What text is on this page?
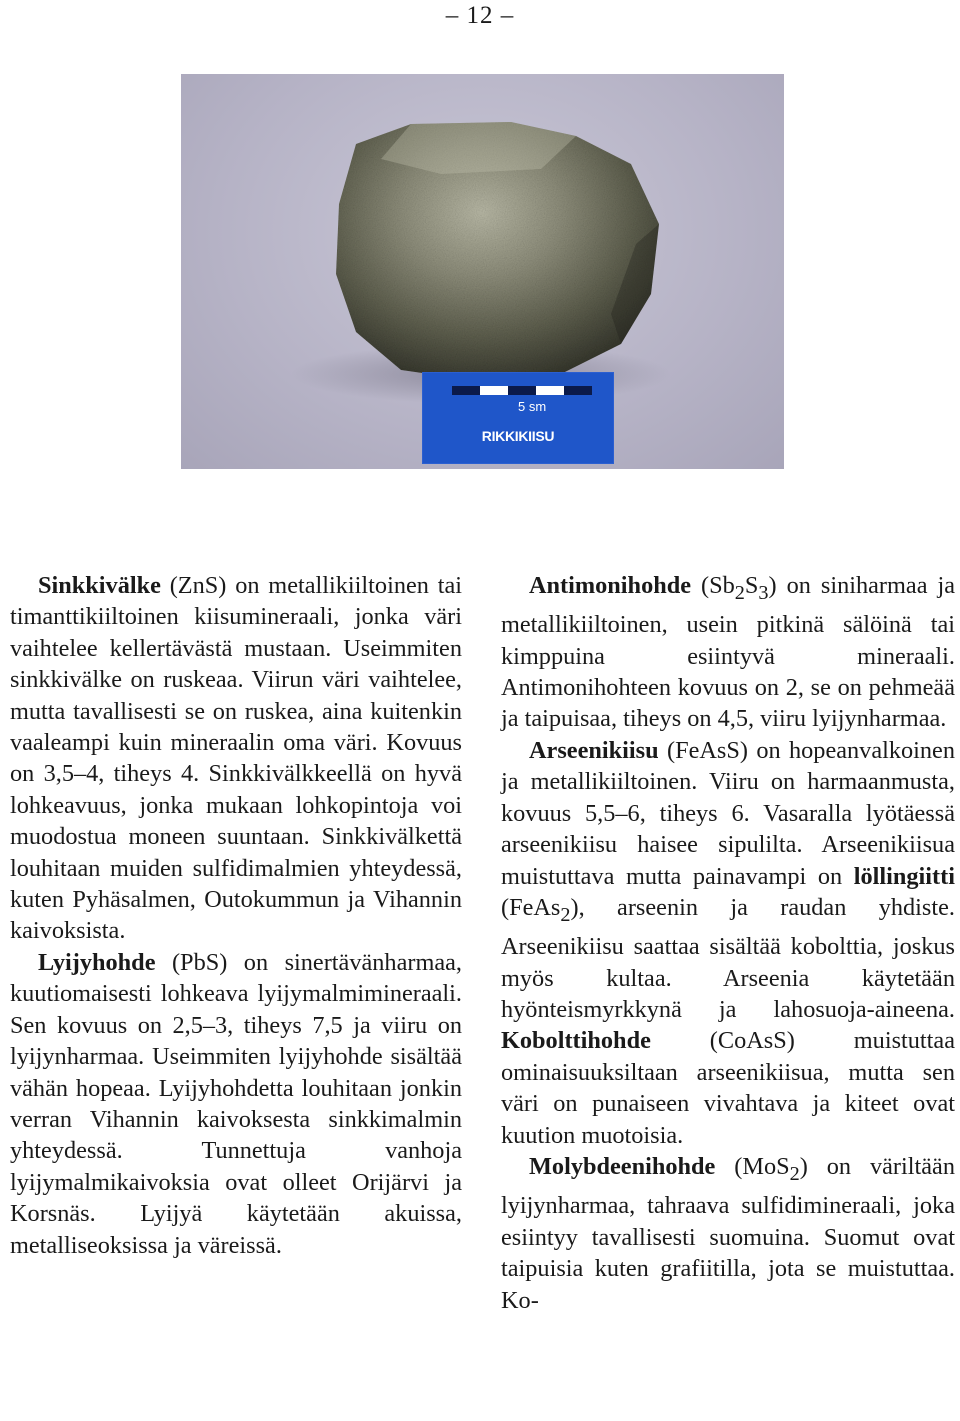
– 12 –
5 sm
RIKKIKIISU

Sinkkivälke (ZnS) on metallikiiltoinen tai timanttikiiltoinen kiisumineraali, jonka väri vaihtelee kellertävästä mustaan. Useimmiten sinkkivälke on ruskeaa. Viirun väri vaihtelee, mutta tavallisesti se on ruskea, aina kuitenkin vaaleampi kuin mineraalin oma väri. Kovuus on 3,5–4, tiheys 4. Sinkkivälkkeellä on hyvä lohkeavuus, jonka mukaan lohkopintoja voi muodostua moneen suuntaan. Sinkkivälkettä louhitaan muiden sulfidimalmien yhteydessä, kuten Pyhäsalmen, Outokummun ja Vihannin kaivoksista.

Lyijyhohde (PbS) on sinertävänharmaa, kuutiomaisesti lohkeava lyijymalmimineraali. Sen kovuus on 2,5–3, tiheys 7,5 ja viiru on lyijynharmaa. Useimmiten lyijyhohde sisältää vähän hopeaa. Lyijyhohdetta louhitaan jonkin verran Vihannin kaivoksesta sinkkimalmin yhteydessä. Tunnettuja vanhoja lyijymalmikaivoksia ovat olleet Orijärvi ja Korsnäs. Lyijyä käytetään akuissa, metalliseoksissa ja väreissä.

Antimonihohde $(Sb_2S_3)$ on siniharmaa ja metallikiiltoinen, usein pitkinä sälöinä tai kimppuina esiintyvä mineraali. Antimonihohteen kovuus on 2, se on pehmeää ja taipuisaa, tiheys on 4,5, viiru lyijynharmaa.

Arseenikiisu (FeAsS) on hopeanvalkoinen ja metallikiiltoinen. Viiru on harmaanmusta, kovuus 5,5–6, tiheys 6. Vasaralla lyötäessä arseenikiisu haisee sipulilta. Arseenikiisua muistuttava mutta painavampi on löllingiitti (FeAs$_2$), arseenin ja raudan yhdiste. Arseenikiisu saattaa sisältää kobolttia, joskus myös kultaa. Arseenia käytetään hyönteismyrkkynä ja lahosuoja-aineena. Kobolttihohde (CoAsS) muistuttaa ominaisuuksiltaan arseenikiisua, mutta sen väri on punaiseen vivahtava ja kiteet ovat kuution muotoisia.

Molybdeenihohde (MoS$_2$) on väriltään lyijynharmaa, tahraava sulfidimineraali, joka esiintyy tavallisesti suomuina. Suomut ovat taipuisia kuten grafiitilla, jota se muistuttaa. Ko-
